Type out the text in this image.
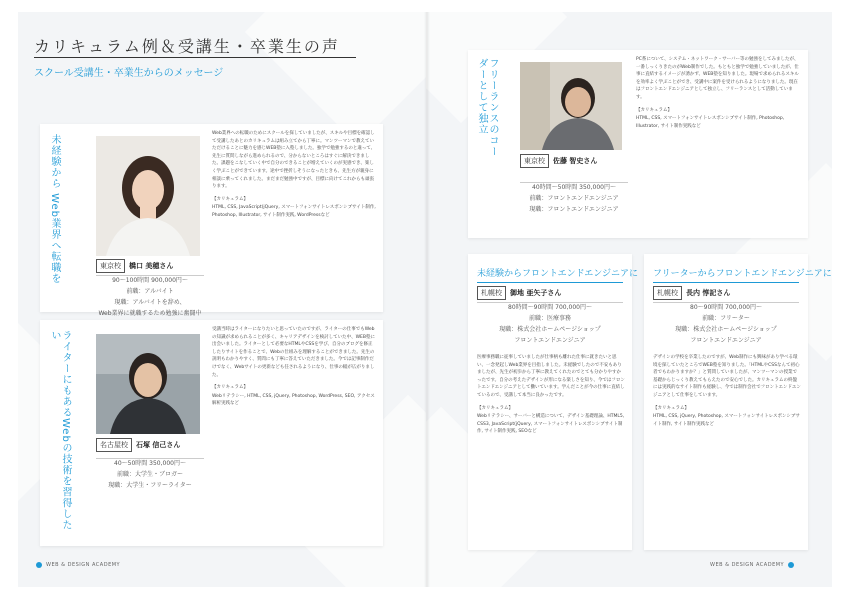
カリキュラム例＆受講生・卒業生の声
スクール受講生・卒業生からのメッセージ
未経験から Web業界へ転職を	東京校	橋口 美穂さん
90〜100時間 900,000円〜
前職：アルバイト
現職：アルバイトを辞め、
Web業界に就職するため勉強に奮闘中

Web業界への転職のためにスクールを探していましたが、スキルや目標を確認して受講したあとのカリキュラムは組み立てから丁寧に。マンツーマンで教えていただけることに魅力を感じWEB塾に入塾しました。独学で勉強するのと違って、先生に質問しながら進められるので、分からないところはすぐに解決できました。課題をこなしていく中で自分のできることが増えていくのが実感でき、楽しく学ぶことができています。途中で挫折しそうになったときも、先生方が親身に相談に乗ってくれました。まだまだ勉強中ですが、目標に向けてこれからも頑張ります。

【カリキュラム】
HTML, CSS, JavaScript(jQuery, スマートフォンサイトレスポンシブサイト制作, Photoshop, Illustrator, サイト制作実践, WordPressなど
ライターにもあるWebの技術を習得したい
名古屋校	石塚 信己さん
40〜50時間 350,000円〜
前職：大学生・ブロガー
現職：大学生・フリーライター

受講当時はライターになりたいと思っていたのですが、ライターの仕事でもWebの知識が求められることが多く、キャリアデザインを検討していた中、WEB塾に出会いました。ライターとして必要なHTMLやCSSを学び、自分のブログを修正したりサイトを作ることで、Webの仕組みを理解することができました。先生の説明もわかりやすく、質問にも丁寧に答えていただきました。今では記事制作だけでなく、Webサイトの更新なども任されるようになり、仕事の幅が広がりました。

【カリキュラム】
Webリテラシー, HTML, CSS, jQuery, Photoshop, WordPress, SEO, アクセス解析実践など
フリーランスのコーダーとして独立
東京校	佐藤 智史さん
40時間〜50時間 350,000円〜
前職：フロントエンドエンジニア
現職：フロントエンドエンジニア

PC系について、システム・ネットワーク・サーバー等の勉強をしてみましたが、一番しっくりきたのがWeb制作でした。もともと独学で勉強していましたが、仕事に直結するイメージが湧かず、WEB塾を知りました。現場で求められるスキルを効率よく学ぶことができ、受講中に案件を受けられるようになりました。現在はフロントエンドエンジニアとして独立し、フリーランスとして活動しています。

【カリキュラム】
HTML, CSS, スマートフォンサイトレスポンシブサイト制作, Photoshop, Illustrator, サイト制作実践など
未経験からフロントエンドエンジニアに
札幌校	御地 亜矢子さん
80時間〜90時間 700,000円〜
前職：医療事務
現職：株式会社ホームページショップ
フロントエンドエンジニア

医療事務職に従事していましたが仕事柄も離れた仕事に就きたいと思い、一念発起しWeb業界を目指しました。未経験でしたので不安もありましたが、先生が初歩から丁寧に教えてくれたのでとても分かりやすかったです。自分の考えたデザインが形になる楽しさを知り、今ではフロントエンドエンジニアとして働いています。学んだことが今の仕事に直結しているので、受講して本当に良かったです。

【カリキュラム】
Webリテラシー、サーバーと構造について、デザイン基礎理論、HTML5, CSS3, JavaScript(jQuery, スマートフォンサイトレスポンシブサイト制作, サイト制作実践, SEOなど
フリーターからフロントエンドエンジニアに
札幌校	長内 惇記さん
80〜90時間 700,000円〜
前職：フリーター
現職：株式会社ホームページショップ
フロントエンドエンジニア

デザインの学校を卒業したのですが、Web制作にも興味があり学べる環境を探していたところでWEB塾を知りました。「HTMLやCSSなんて初心者でもわかりますか？」と質問していましたが、マンツーマンの授業で基礎からじっくり教えてもらえたので安心でした。カリキュラムの終盤には実践的なサイト制作も経験し、今では制作会社でフロントエンドエンジニアとして仕事をしています。

【カリキュラム】
HTML, CSS, jQuery, Photoshop, スマートフォンサイトレスポンシブサイト制作, サイト制作実践など
WEB & DESIGN ACADEMY	WEB & DESIGN ACADEMY
